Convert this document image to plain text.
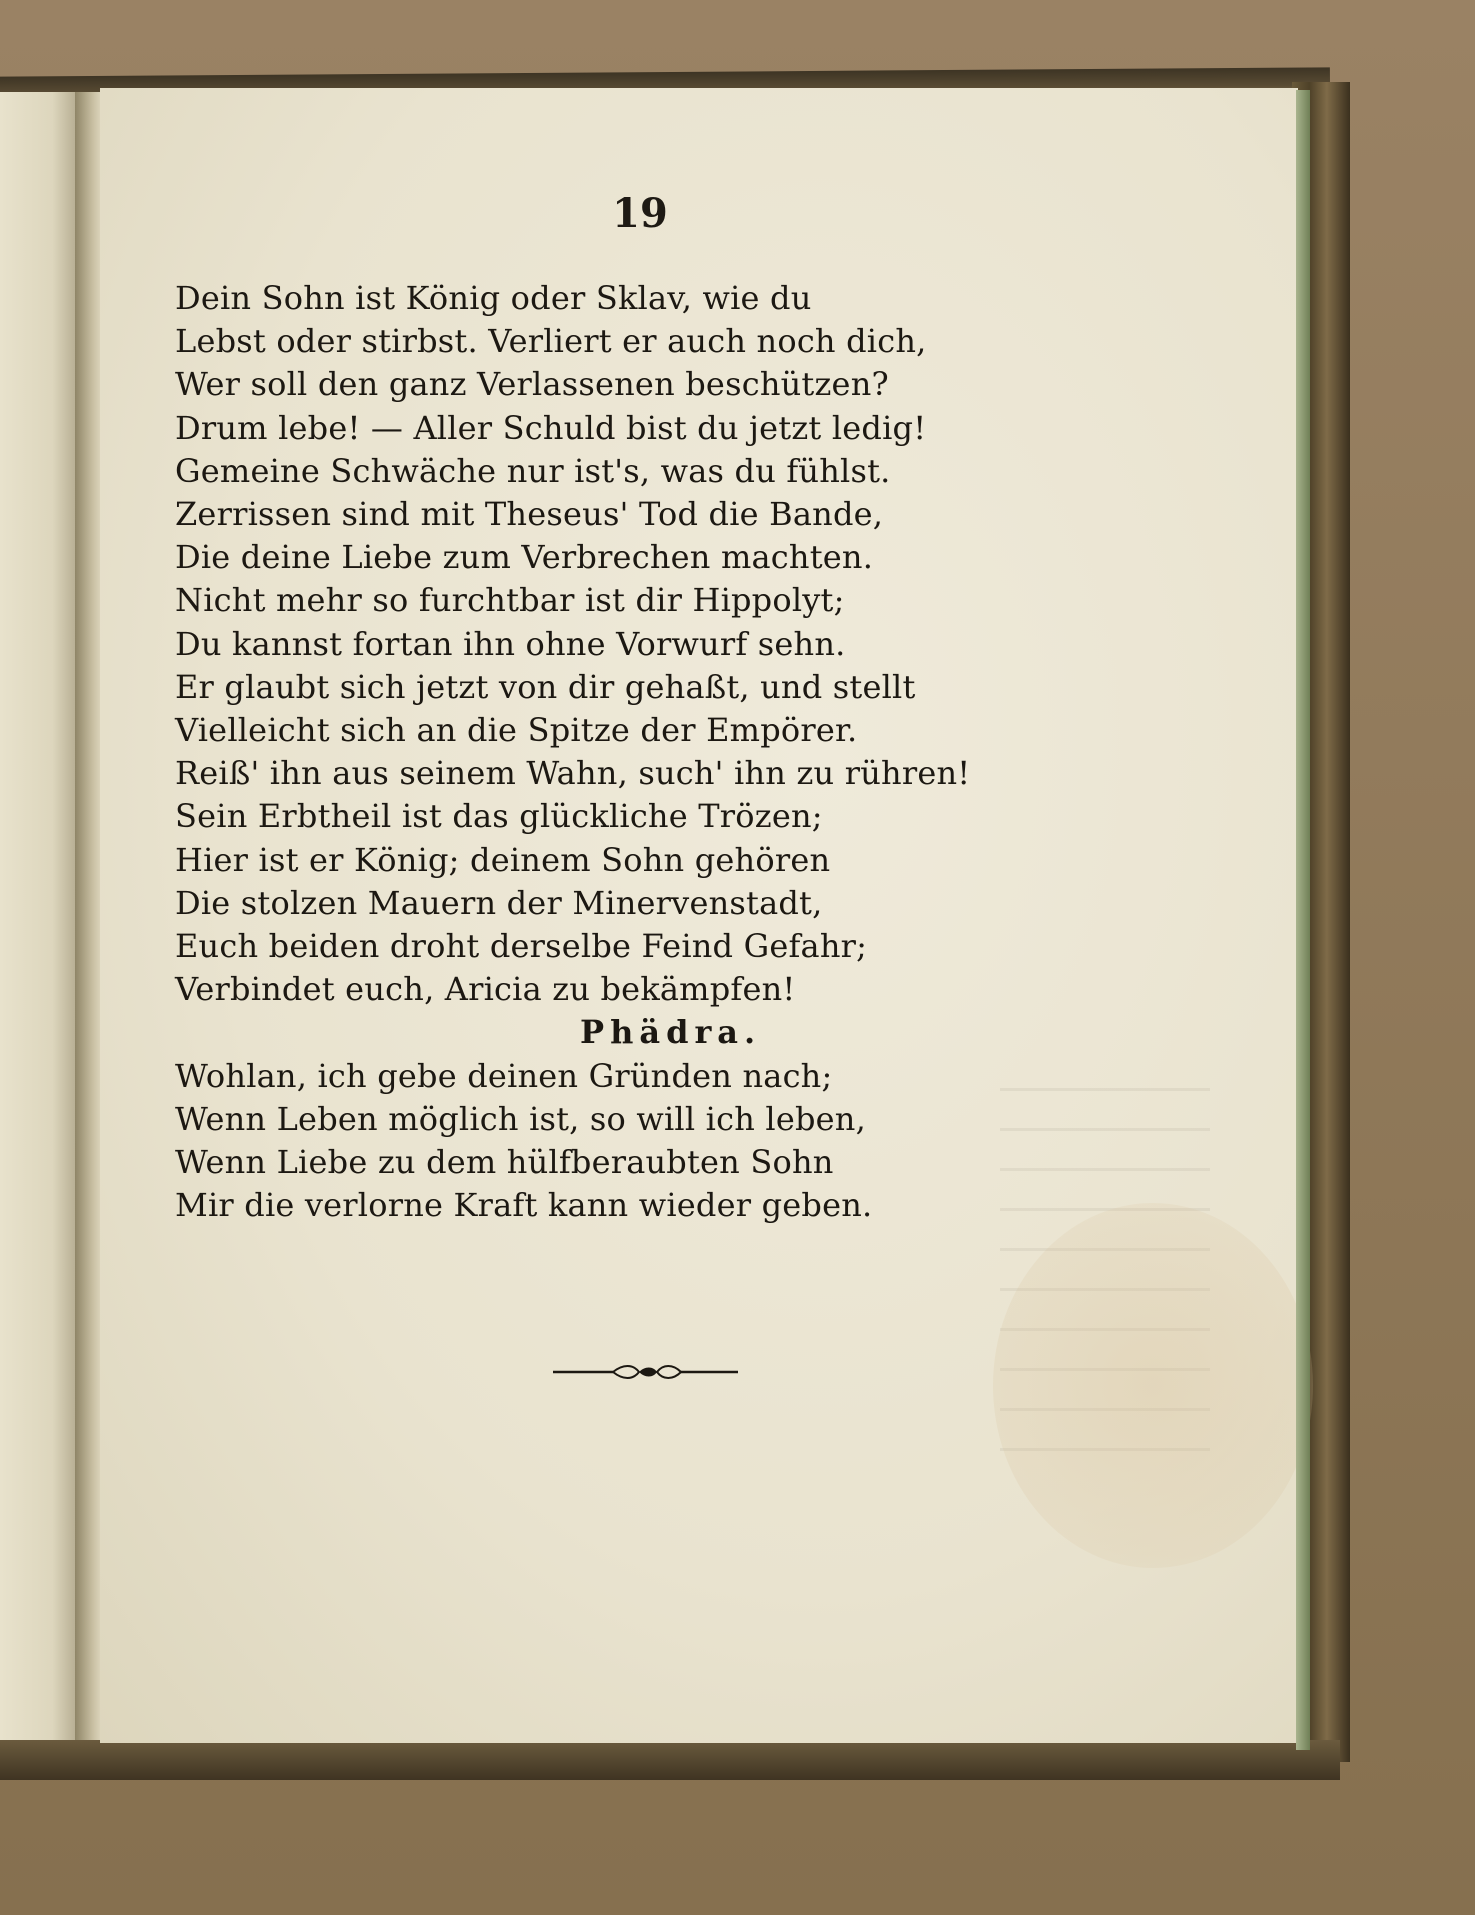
19
Dein Sohn ist König oder Sklav, wie du
Lebst oder stirbst. Verliert er auch noch dich,
Wer soll den ganz Verlassenen beschützen?
Drum lebe! — Aller Schuld bist du jetzt ledig!
Gemeine Schwäche nur ist's, was du fühlst.
Zerrissen sind mit Theseus' Tod die Bande,
Die deine Liebe zum Verbrechen machten.
Nicht mehr so furchtbar ist dir Hippolyt;
Du kannst fortan ihn ohne Vorwurf sehn.
Er glaubt sich jetzt von dir gehaßt, und stellt
Vielleicht sich an die Spitze der Empörer.
Reiß' ihn aus seinem Wahn, such' ihn zu rühren!
Sein Erbtheil ist das glückliche Trözen;
Hier ist er König; deinem Sohn gehören
Die stolzen Mauern der Minervenstadt,
Euch beiden droht derselbe Feind Gefahr;
Verbindet euch, Aricia zu bekämpfen!
Phädra.
Wohlan, ich gebe deinen Gründen nach;
Wenn Leben möglich ist, so will ich leben,
Wenn Liebe zu dem hülfberaubten Sohn
Mir die verlorne Kraft kann wieder geben.
